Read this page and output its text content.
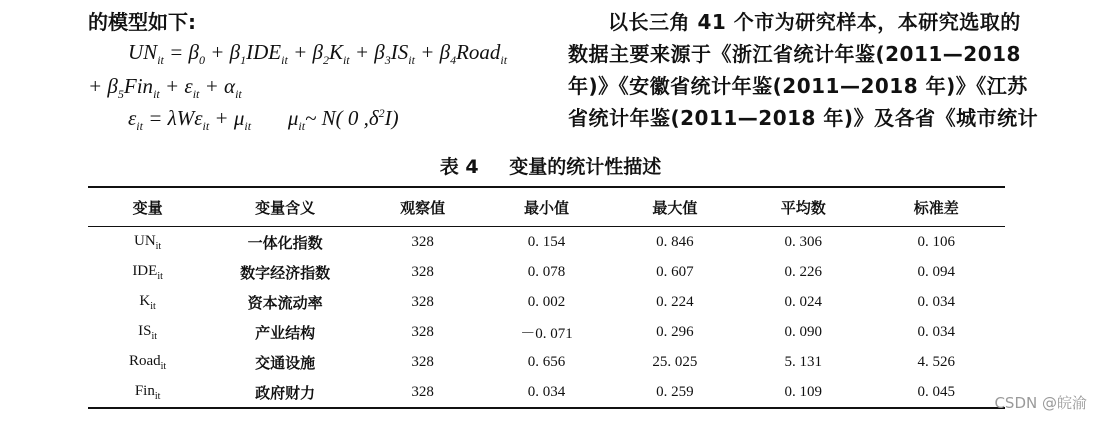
的模型如下:
$UN_{it} = \beta_0 + \beta_1IDE_{it} + \beta_2K_{it} + \beta_3IS_{it}$ + $\beta_4Road_{it}$
+ $\beta_5Fin_{it} + \varepsilon_{it} + \alpha_{it}$
$\varepsilon_{it} = \lambda W\varepsilon_{it} + \mu_{it}$       $\mu_{it}\sim$ N( 0 $,\delta^2I$)
以长三角 41 个市为研究样本，本研究选取的
数据主要来源于《浙江省统计年鉴(2011—2018
年)》《安徽省统计年鉴(2011—2018 年)》《江苏
省统计年鉴(2011—2018 年)》及各省《城市统计
表 4 变量的统计性描述
变量	变量含义	观察值	最小值	最大值	平均数	标准差
$UN_{it}$	一体化指数	328	0. 154	0. 846	0. 306	0. 106
$IDE_{it}$	数字经济指数	328	0. 078	0. 607	0. 226	0. 094
$K_{it}$	资本流动率	328	0. 002	0. 224	0. 024	0. 034
$IS_{it}$	产业结构	328	－0. 071	0. 296	0. 090	0. 034
Road$_{it}$	交通设施	328	0. 656	25. 025	5. 131	4. 526
Fin$_{it}$	政府财力	328	0. 034	0. 259	0. 109	0. 045
CSDN @皖渝
